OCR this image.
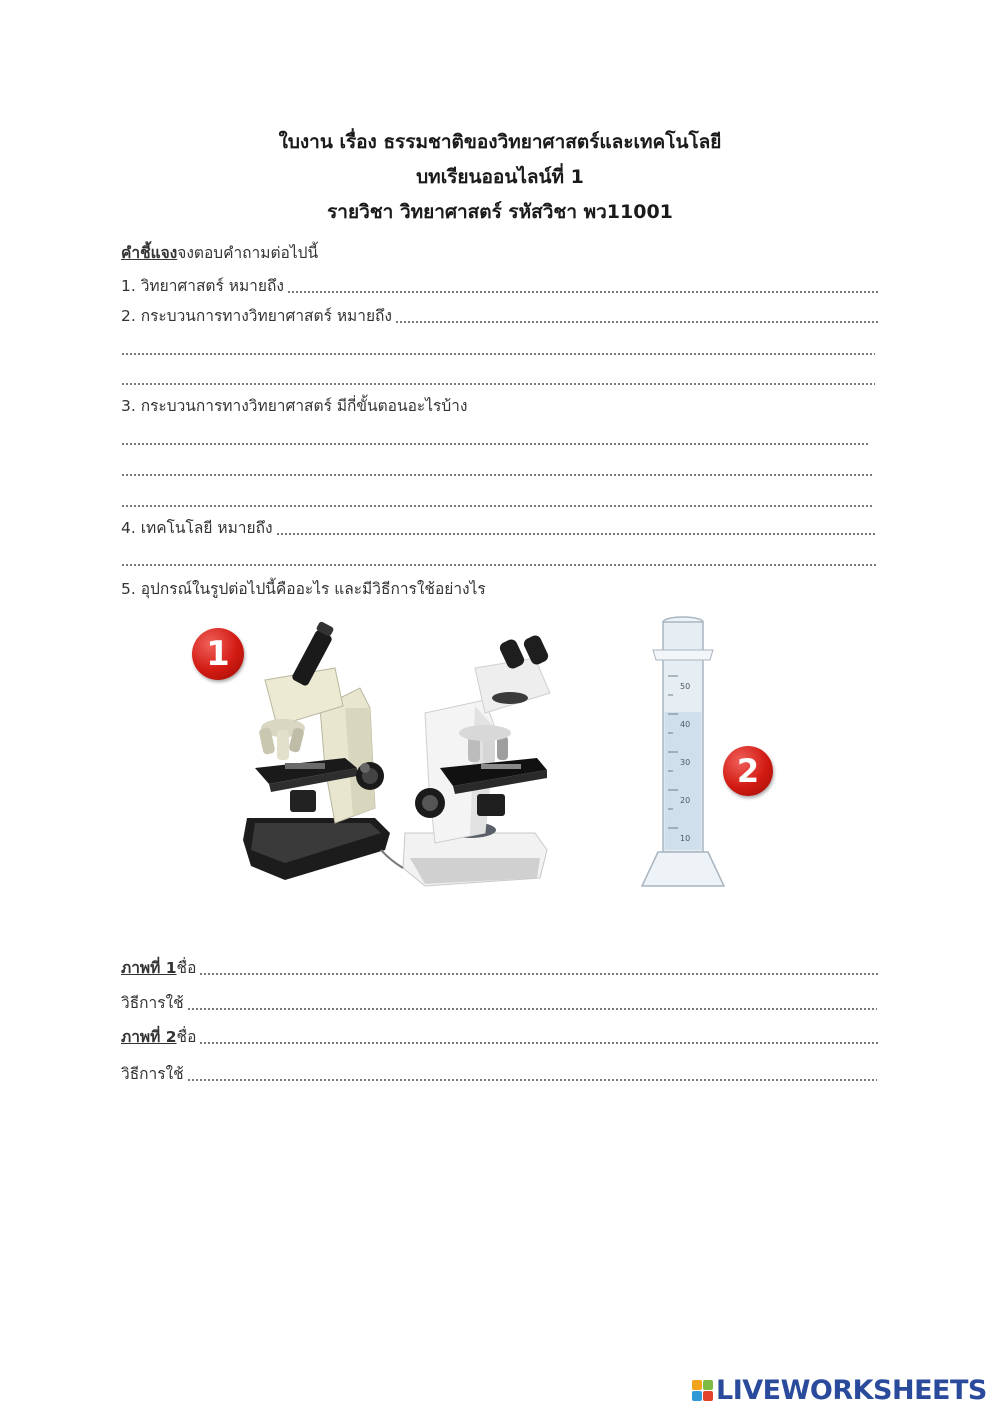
ใบงาน เรื่อง ธรรมชาติของวิทยาศาสตร์และเทคโนโลยี
บทเรียนออนไลน์ที่ 1
รายวิชา วิทยาศาสตร์ รหัสวิชา พว11001
คำชี้แจง จงตอบคำถามต่อไปนี้
1. วิทยาศาสตร์ หมายถึง
2. กระบวนการทางวิทยาศาสตร์ หมายถึง
3. กระบวนการทางวิทยาศาสตร์ มีกี่ขั้นตอนอะไรบ้าง
4. เทคโนโลยี หมายถึง
5. อุปกรณ์ในรูปต่อไปนี้คืออะไร และมีวิธีการใช้อย่างไร
1
50
40
30
20
10
2
ภาพที่ 1 ชื่อ
วิธีการใช้
ภาพที่ 2 ชื่อ
วิธีการใช้
LIVEWORKSHEETS
